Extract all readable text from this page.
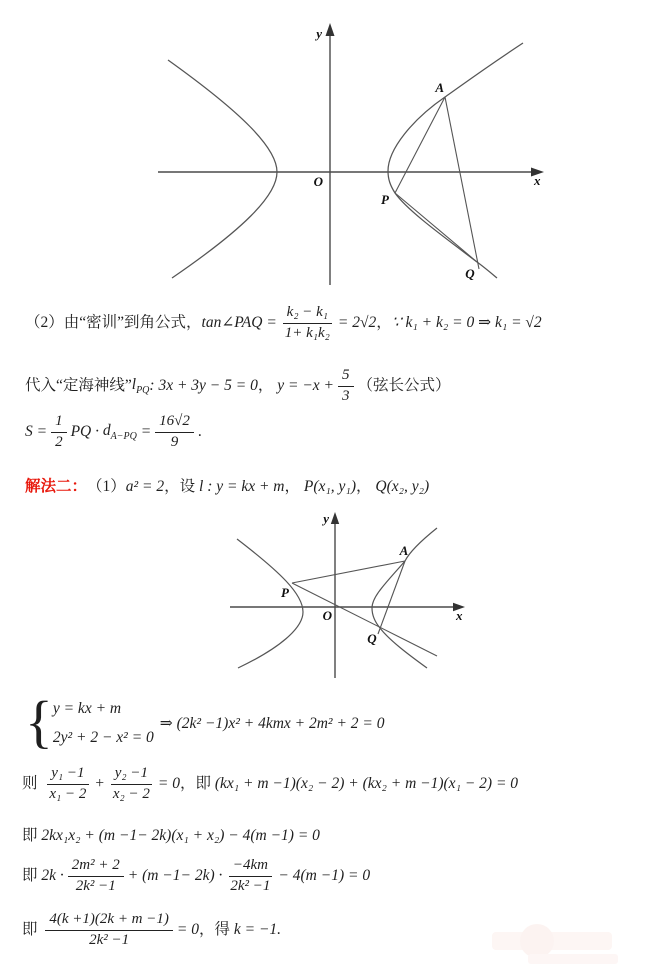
y
x
O
A
P
Q
（2）由“密训”到角公式， tan∠PAQ = $\frac{\text{k₂ − k₁}}{\text{1+ k₁k₂}} = 2√2$ ， ∵ k₁ + k₂ = 0 ⇒ k₁ = √2
代入“定海神线” $l_{PQ}$ : 3x + 3y − 5 = 0 ， $y = -x + \frac{5}{3}$ （弦长公式）
$S = \frac{1}{2}$ PQ · $d_{A-PQ} = \frac{16√2}{9}$ .
解法二： （1） a² = 2 ，设 l : y = kx + m ， P(x₁, y₁) ， Q(x₂, y₂)
y
x
O
A
P
Q
{ y = kx + m
2y² + 2 − x² = 0
⇒ (2k² −1)x² + 4kmx + 2m² + 2 = 0
则 $\frac{\text{y₁ −1}}{\text{x₁ − 2}} + \frac{\text{y₂ −1}}{\text{x₂ − 2}} = 0$ ，即 (kx₁ + m −1)(x₂ − 2) + (kx₂ + m −1)(x₁ − 2) = 0
即 2kx₁x₂ + (m −1− 2k)(x₁ + x₂) − 4(m −1) = 0
即 $2k \cdot \frac{\text{2m² + 2}}{\text{2k² −1}} + (m -1- 2k) \cdot \frac{-4km}{\text{2k² −1}} - 4(m -1) = 0$
即 $\frac{4(k +1)(2k + m -1)}{\text{2k² −1}} = 0$ ，得 k = −1.
